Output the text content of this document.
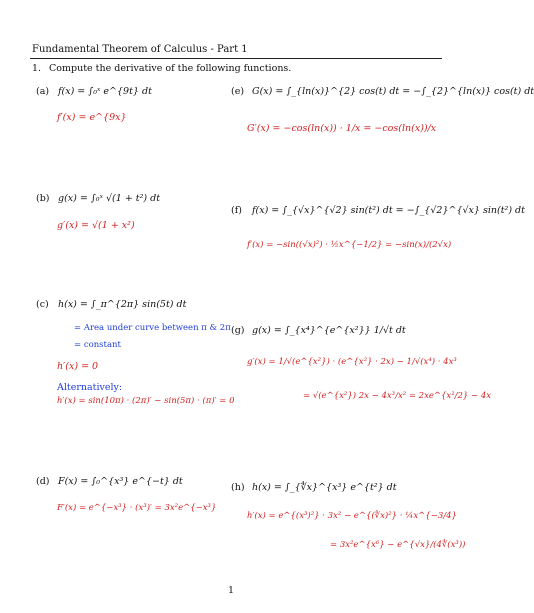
Fundamental Theorem of Calculus - Part 1
1. Compute the derivative of the following functions.
(a) f(x) = ∫₀ˣ e^{9t} dt
f′(x) = e^{9x}
(e) G(x) = ∫_{ln(x)}^{2} cos(t) dt = −∫_{2}^{ln(x)} cos(t) dt
G′(x) = −cos(ln(x)) · 1/x = −cos(ln(x))/x
(b) g(x) = ∫₀ˣ √(1 + t²) dt
g′(x) = √(1 + x²)
(f) f(x) = ∫_{√x}^{√2} sin(t²) dt = −∫_{√2}^{√x} sin(t²) dt
f′(x) = −sin((√x)²) · ½x^{−1/2} = −sin(x)/(2√x)
(c) h(x) = ∫_π^{2π} sin(5t) dt
= Area under curve between π & 2π
= constant
h′(x) = 0
Alternatively:
h′(x) = sin(10π) · (2π)′ − sin(5π) · (π)′ = 0
(g) g(x) = ∫_{x⁴}^{e^{x²}} 1/√t dt
g′(x) = 1/√(e^{x²}) · (e^{x²} · 2x) − 1/√(x⁴) · 4x³
= √(e^{x²}) 2x − 4x³/x² = 2xe^{x²/2} − 4x
(d) F(x) = ∫₀^{x³} e^{−t} dt
F′(x) = e^{−x³} · (x³)′ = 3x²e^{−x³}
(h) h(x) = ∫_{∜x}^{x³} e^{t²} dt
h′(x) = e^{(x³)²} · 3x² − e^{(∜x)²} · ¼x^{−3/4}
= 3x²e^{x⁶} − e^{√x}/(4∜(x³))
1
